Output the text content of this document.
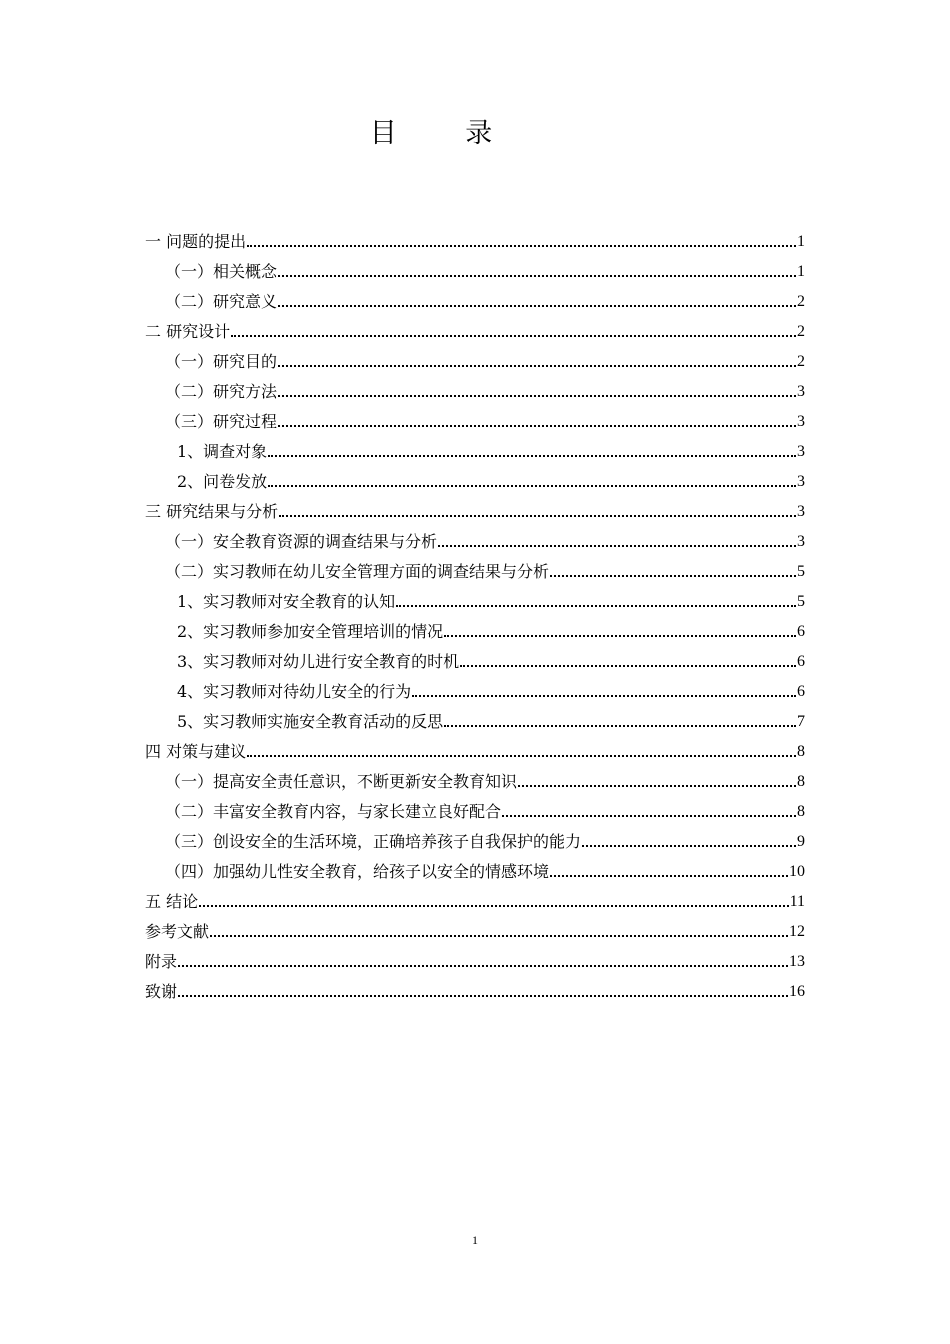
目 录
一 问题的提出	1
（一）相关概念	1
（二）研究意义	2
二 研究设计	2
（一）研究目的	2
（二）研究方法	3
（三）研究过程	3
1、调查对象	3
2、问卷发放	3
三 研究结果与分析	3
（一）安全教育资源的调查结果与分析	3
（二）实习教师在幼儿安全管理方面的调查结果与分析	5
1、实习教师对安全教育的认知	5
2、实习教师参加安全管理培训的情况	6
3、实习教师对幼儿进行安全教育的时机	6
4、实习教师对待幼儿安全的行为	6
5、实习教师实施安全教育活动的反思	7
四 对策与建议	8
（一）提高安全责任意识，不断更新安全教育知识	8
（二）丰富安全教育内容，与家长建立良好配合	8
（三）创设安全的生活环境，正确培养孩子自我保护的能力	9
（四）加强幼儿性安全教育，给孩子以安全的情感环境	10
五 结论	11
参考文献	12
附录	13
致谢	16
1
